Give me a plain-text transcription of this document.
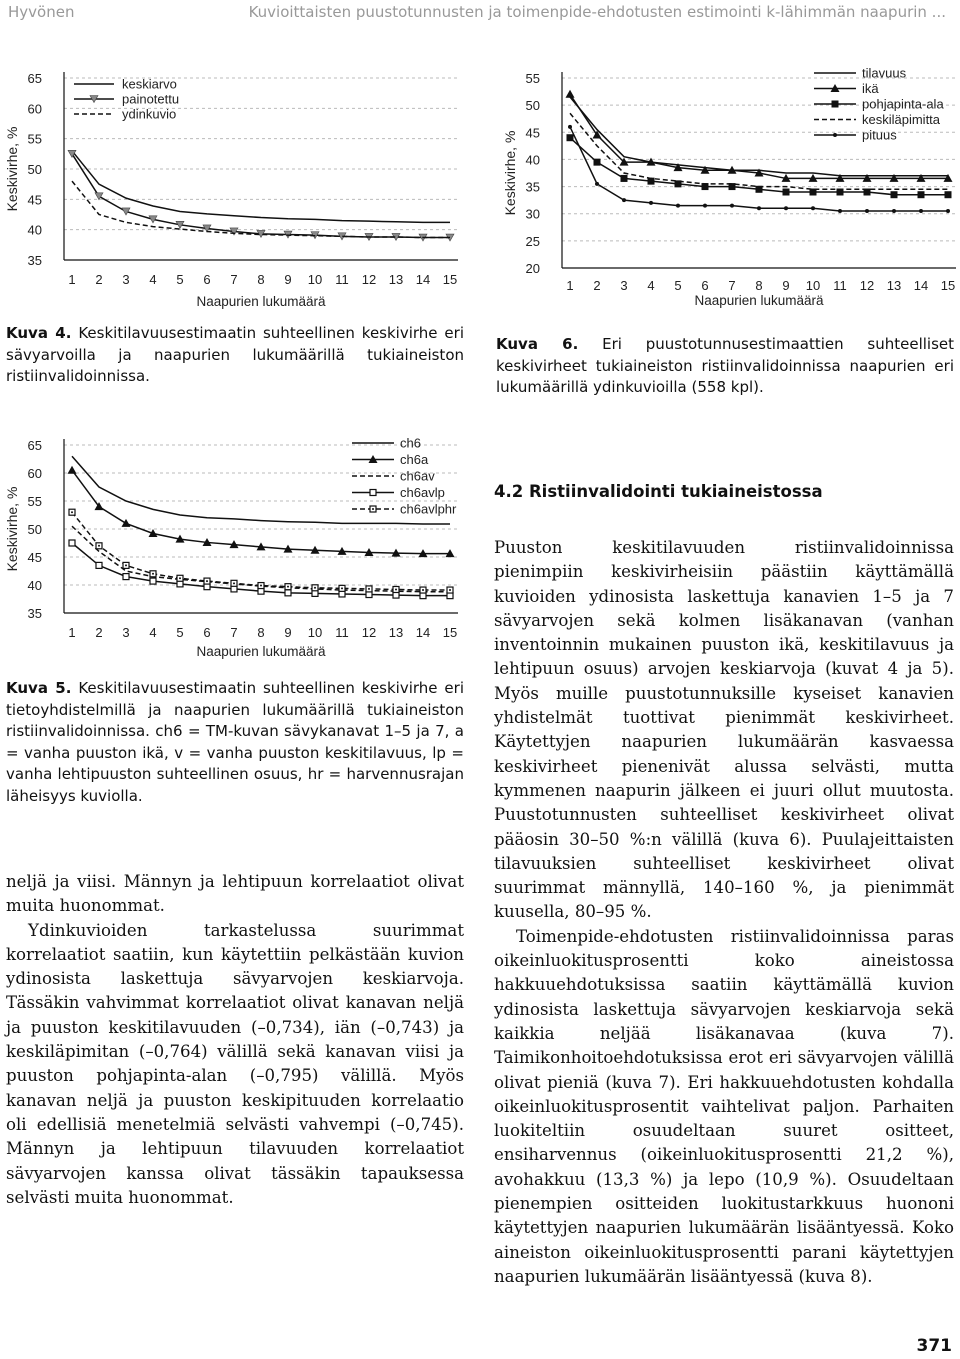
Hyvönen	Kuvioittaisten puustotunnusten ja toimenpide-ehdotusten estimointi k-lähimmän naapurin ...
35
40
45
50
55
60
65
1 2 3 4 5 6 7 8 9 10 11 12 13 14 15
Naapurien lukumäärä
Keskivirhe, %
keskiarvo
painotettu
ydinkuvio
Kuva 4. Keskitilavuusestimaatin suhteellinen keskivirhe eri sävyarvoilla ja naapurien lukumäärillä tukiaineiston ristiinvalidoinnissa.
20
25
30
35
40
45
50
55
1 2 3 4 5 6 7 8 9 10 11 12 13 14 15
Naapurien lukumäärä
Keskivirhe, %
tilavuus
ikä
pohjapinta-ala
keskiläpimitta
pituus
Kuva 6. Eri puustotunnusestimaattien suhteelliset keskivirheet tukiaineiston ristiinvalidoinnissa naapurien eri lukumäärillä ydinkuvioilla (558 kpl).
35
40
45
50
55
60
65
1 2 3 4 5 6 7 8 9 10 11 12 13 14 15
Naapurien lukumäärä
Keskivirhe, %
ch6
ch6a
ch6av
ch6avlp
ch6avlphr
Kuva 5. Keskitilavuusestimaatin suhteellinen keskivirhe eri tietoyhdistelmillä ja naapurien lukumäärillä tukiaineiston ristiinvalidoinnissa. ch6 = TM-kuvan sävykanavat 1–5 ja 7, a = vanha puuston ikä, v = vanha puuston keskitilavuus, lp = vanha lehtipuuston suhteellinen osuus, hr = harvennusrajan läheisyys kuviolla.
4.2 Ristiinvalidointi tukiaineistossa

neljä ja viisi. Männyn ja lehtipuun korrelaatiot olivat muita huonommat.

Ydinkuvioiden tarkastelussa suurimmat korrelaatiot saatiin, kun käytettiin pelkästään kuvion ydinosista laskettuja sävyarvojen keskiarvoja. Tässäkin vahvimmat korrelaatiot olivat kanavan neljä ja puuston keskitilavuuden (–0,734), iän (–0,743) ja keskiläpimitan (–0,764) välillä sekä kanavan viisi ja puuston pohjapinta-alan (–0,795) välillä. Myös kanavan neljä ja puuston keskipituuden korrelaatio oli edellisiä menetelmiä selvästi vahvempi (–0,745). Männyn ja lehtipuun tilavuuden korrelaatiot sävyarvojen kanssa olivat tässäkin tapauksessa selvästi muita huonommat.

Puuston keskitilavuuden ristiinvalidoinnissa pienimpiin keskivirheisiin päästiin käyttämällä kuvioiden ydinosista laskettuja kanavien 1–5 ja 7 sävyarvojen sekä kolmen lisäkanavan (vanhan inventoinnin mukainen puuston ikä, keskitilavuus ja lehtipuun osuus) arvojen keskiarvoja (kuvat 4 ja 5). Myös muille puustotunnuksille kyseiset kanavien yhdistelmät tuottivat pienimmät keskivirheet. Käytettyjen naapurien lukumäärän kasvaessa keskivirheet pienenivät alussa selvästi, mutta kymmenen naapurin jälkeen ei juuri ollut muutosta. Puustotunnusten suhteelliset keskivirheet olivat pääosin 30–50 %:n välillä (kuva 6). Puulajeittaisten tilavuuksien suhteelliset keskivirheet olivat suurimmat männyllä, 140–160 %, ja pienimmät kuusella, 80–95 %.

Toimenpide-ehdotusten ristiinvalidoinnissa paras oikeinluokitusprosentti koko aineistossa hakkuuehdotuksissa saatiin käyttämällä kuvion ydinosista laskettuja sävyarvojen keskiarvoja sekä kaikkia neljää lisäkanavaa (kuva 7). Taimikonhoitoehdotuksissa erot eri sävyarvojen välillä olivat pieniä (kuva 7). Eri hakkuuehdotusten kohdalla oikeinluokitusprosentit vaihtelivat paljon. Parhaiten luokiteltiin osuudeltaan suuret ositteet, ensiharvennus (oikeinluokitusprosentti 21,2 %), avohakkuu (13,3 %) ja lepo (10,9 %). Osuudeltaan pienempien ositteiden luokitustarkkuus huononi käytettyjen naapurien lukumäärän lisääntyessä. Koko aineiston oikeinluokitusprosentti parani käytettyjen naapurien lukumäärän lisääntyessä (kuva 8).

371
